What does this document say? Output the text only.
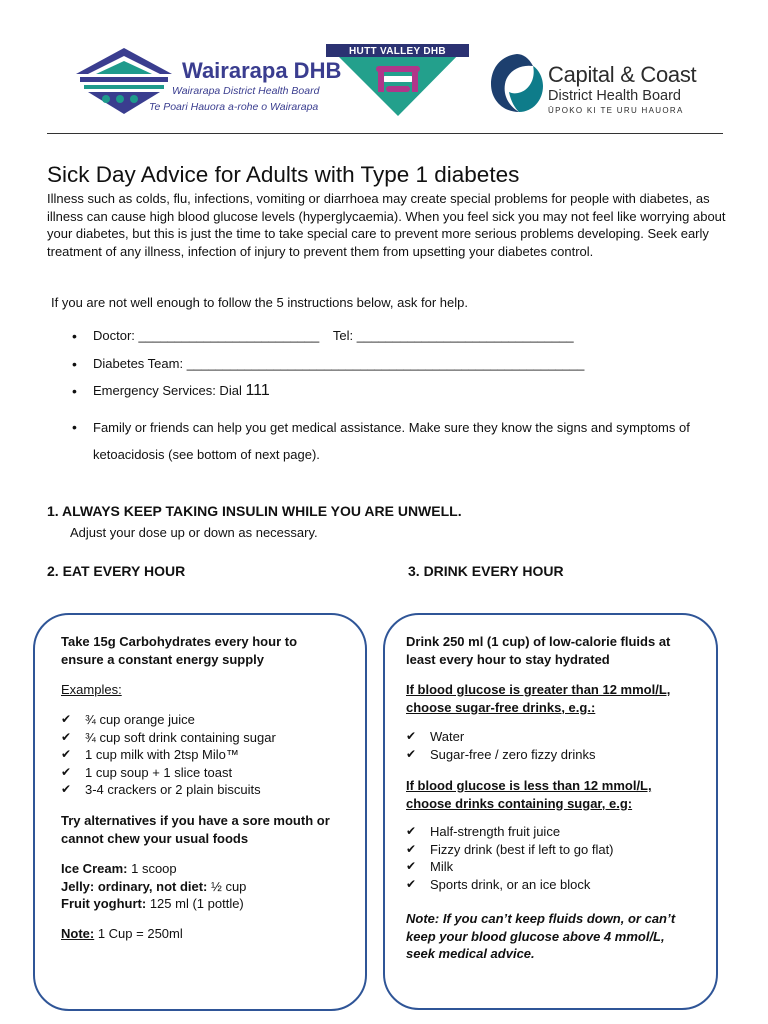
Wairarapa DHB
Wairarapa District Health Board
Te Poari Hauora a-rohe o Wairarapa
HUTT VALLEY DHB
Capital & Coast
District Health Board
ŪPOKO KI TE URU HAUORA
Sick Day Advice for Adults with Type 1 diabetes
Illness such as colds, flu, infections, vomiting or diarrhoea may create special problems for people with diabetes, as illness can cause high blood glucose levels (hyperglycaemia). When you feel sick you may not feel like worrying about your diabetes, but this is just the time to take special care to prevent more serious problems developing. Seek early treatment of any illness, infection of injury to prevent them from upsetting your diabetes control.
If you are not well enough to follow the 5 instructions below, ask for help.
• Doctor: _________________________ Tel: ______________________________
• Diabetes Team: _______________________________________________________
• Emergency Services: Dial 111
• Family or friends can help you get medical assistance. Make sure they know the signs and symptoms of ketoacidosis (see bottom of next page).
1. ALWAYS KEEP TAKING INSULIN WHILE YOU ARE UNWELL.
Adjust your dose up or down as necessary.
2. EAT EVERY HOUR	3. DRINK EVERY HOUR
Take 15g Carbohydrates every hour to ensure a constant energy supply
Examples:
✔ ¾ cup orange juice
✔ ¾ cup soft drink containing sugar
✔ 1 cup milk with 2tsp Milo™
✔ 1 cup soup + 1 slice toast
✔ 3-4 crackers or 2 plain biscuits
Try alternatives if you have a sore mouth or cannot chew your usual foods
Ice Cream: 1 scoop
Jelly: ordinary, not diet: ½ cup
Fruit yoghurt: 125 ml (1 pottle)
Note: 1 Cup = 250ml
Drink 250 ml (1 cup) of low-calorie fluids at least every hour to stay hydrated
If blood glucose is greater than 12 mmol/L, choose sugar-free drinks, e.g.:
✔ Water
✔ Sugar-free / zero fizzy drinks
If blood glucose is less than 12 mmol/L, choose drinks containing sugar, e.g:
✔ Half-strength fruit juice
✔ Fizzy drink (best if left to go flat)
✔ Milk
✔ Sports drink, or an ice block
Note: If you can’t keep fluids down, or can’t keep your blood glucose above 4 mmol/L, seek medical advice.
